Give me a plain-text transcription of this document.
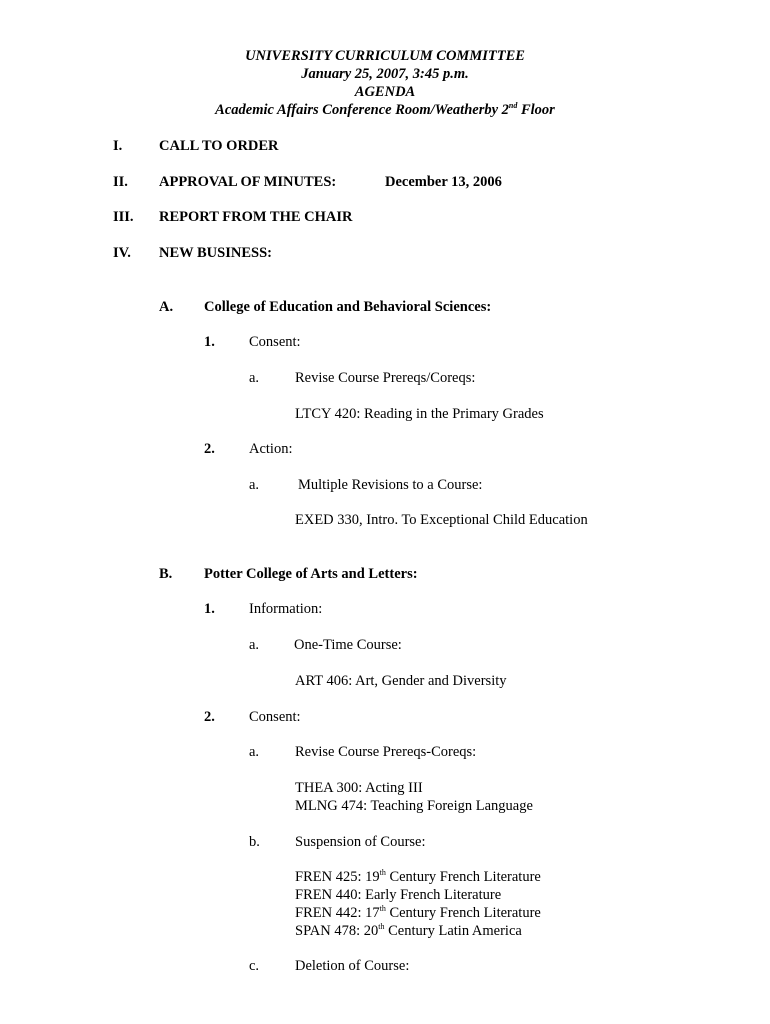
UNIVERSITY CURRICULUM COMMITTEE
January 25, 2007, 3:45 p.m.
AGENDA
Academic Affairs Conference Room/Weatherby 2nd Floor
I.	CALL TO ORDER
II. APPROVAL OF MINUTES:	December 13, 2006
III. REPORT FROM THE CHAIR
IV. NEW BUSINESS:
A. College of Education and Behavioral Sciences:
1. Consent:
a. Revise Course Prereqs/Coreqs:
LTCY 420: Reading in the Primary Grades
2. Action:
a.	Multiple Revisions to a Course:
EXED 330, Intro. To Exceptional Child Education
B. Potter College of Arts and Letters:
1. Information:
a. One-Time Course:
ART 406: Art, Gender and Diversity
2. Consent:
a. Revise Course Prereqs-Coreqs:
THEA 300: Acting III
MLNG 474: Teaching Foreign Language
b. Suspension of Course:
FREN 425: 19th Century French Literature
FREN 440: Early French Literature
FREN 442: 17th Century French Literature
SPAN 478: 20th Century Latin America
c. Deletion of Course:
